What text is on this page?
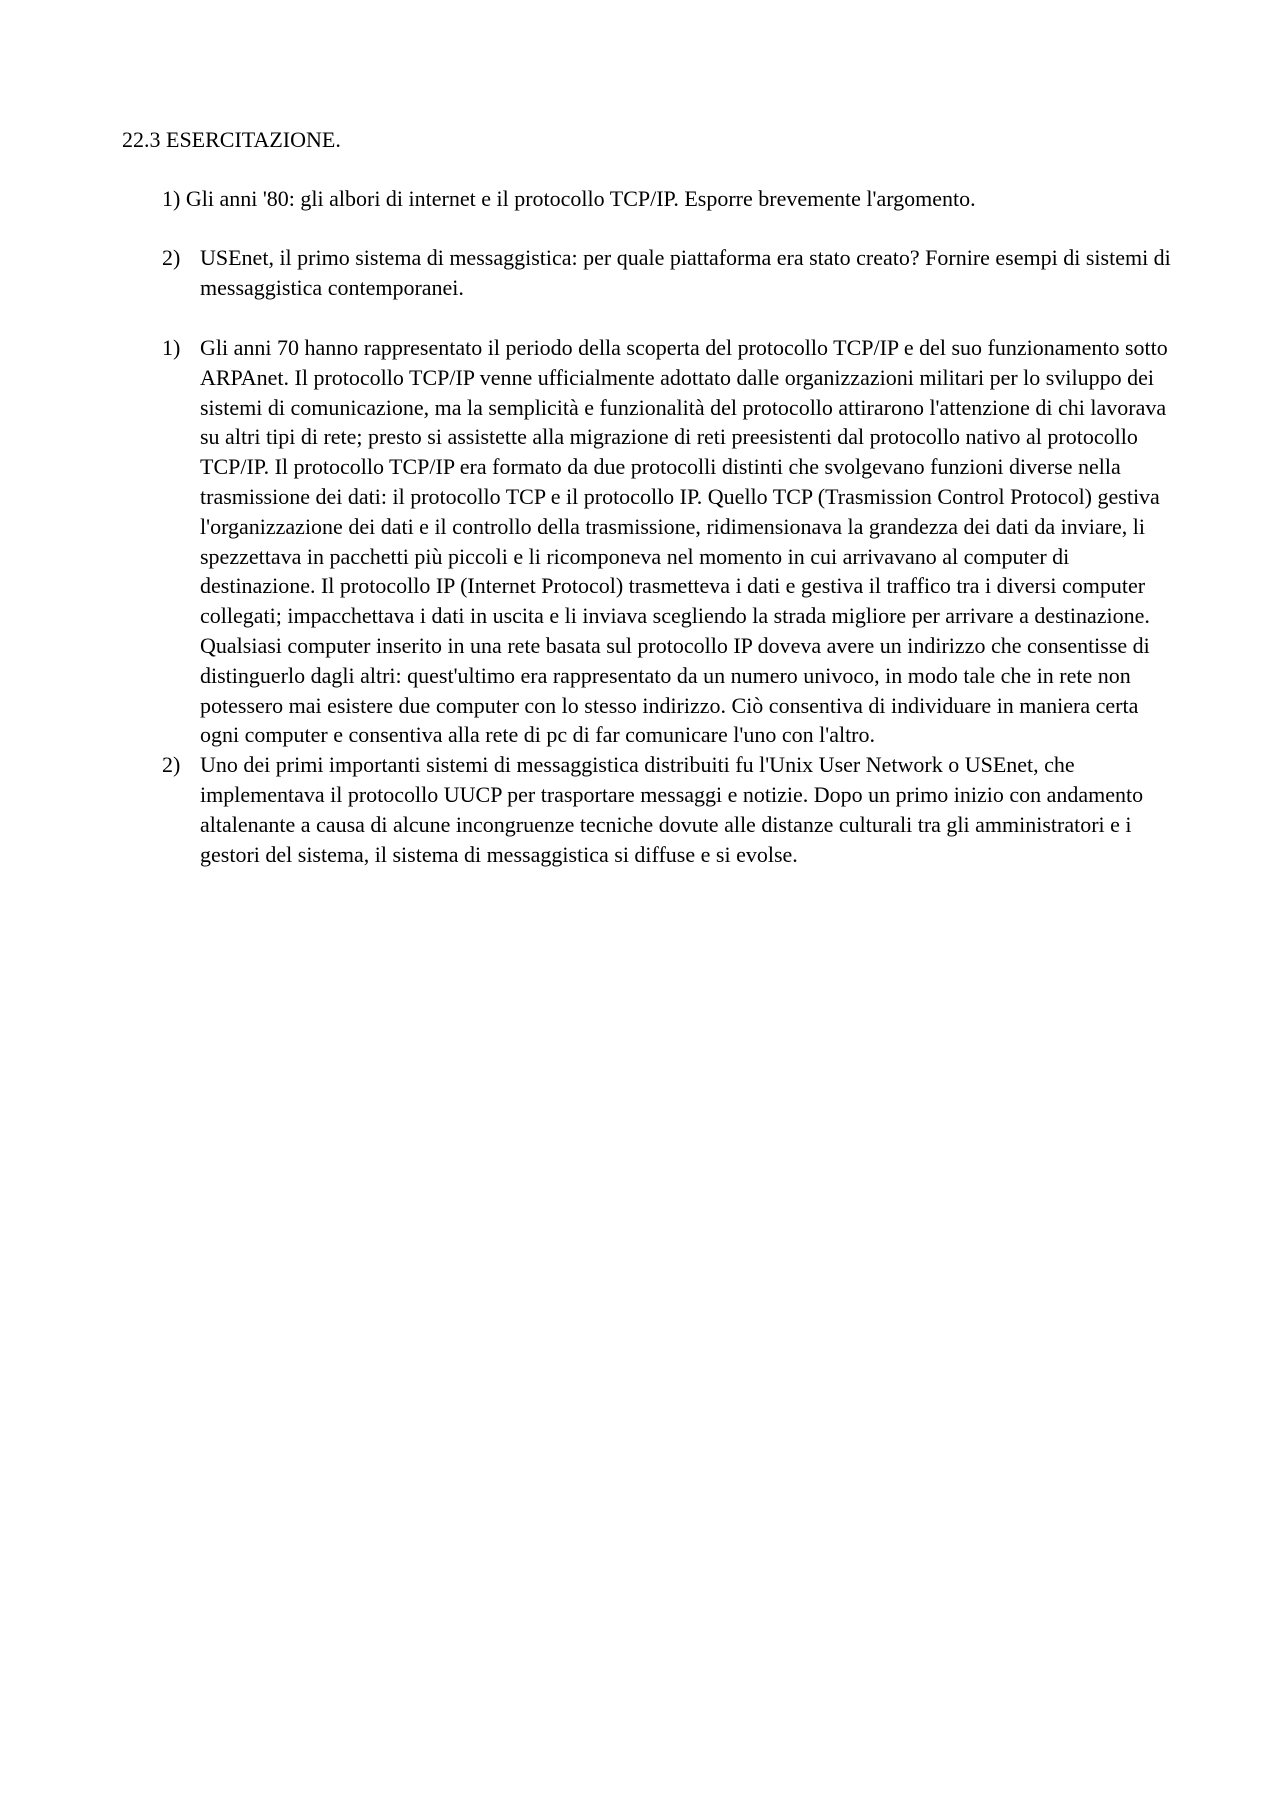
22.3 ESERCITAZIONE.
1) Gli anni '80: gli albori di internet e il protocollo TCP/IP. Esporre brevemente l'argomento.
2) USEnet, il primo sistema di messaggistica: per quale piattaforma era stato creato? Fornire esempi di sistemi di messaggistica contemporanei.
1) Gli anni 70 hanno rappresentato il periodo della scoperta del protocollo TCP/IP e del suo funzionamento sotto ARPAnet. Il protocollo TCP/IP venne ufficialmente adottato dalle organizzazioni militari per lo sviluppo dei sistemi di comunicazione, ma la semplicità e funzionalità del protocollo attirarono l'attenzione di chi lavorava su altri tipi di rete; presto si assistette alla migrazione di reti preesistenti dal protocollo nativo al protocollo TCP/IP. Il protocollo TCP/IP era formato da due protocolli distinti che svolgevano funzioni diverse nella trasmissione dei dati: il protocollo TCP e il protocollo IP. Quello TCP (Trasmission Control Protocol) gestiva l'organizzazione dei dati e il controllo della trasmissione, ridimensionava la grandezza dei dati da inviare, li spezzettava in pacchetti più piccoli e li ricomponeva nel momento in cui arrivavano al computer di destinazione. Il protocollo IP (Internet Protocol) trasmetteva i dati e gestiva il traffico tra i diversi computer collegati; impacchettava i dati in uscita e li inviava scegliendo la strada migliore per arrivare a destinazione. Qualsiasi computer inserito in una rete basata sul protocollo IP doveva avere un indirizzo che consentisse di distinguerlo dagli altri: quest'ultimo era rappresentato da un numero univoco, in modo tale che in rete non potessero mai esistere due computer con lo stesso indirizzo. Ciò consentiva di individuare in maniera certa ogni computer e consentiva alla rete di pc di far comunicare l'uno con l'altro.
2) Uno dei primi importanti sistemi di messaggistica distribuiti fu l'Unix User Network o USEnet, che implementava il protocollo UUCP per trasportare messaggi e notizie. Dopo un primo inizio con andamento altalenante a causa di alcune incongruenze tecniche dovute alle distanze culturali tra gli amministratori e i gestori del sistema, il sistema di messaggistica si diffuse e si evolse.
